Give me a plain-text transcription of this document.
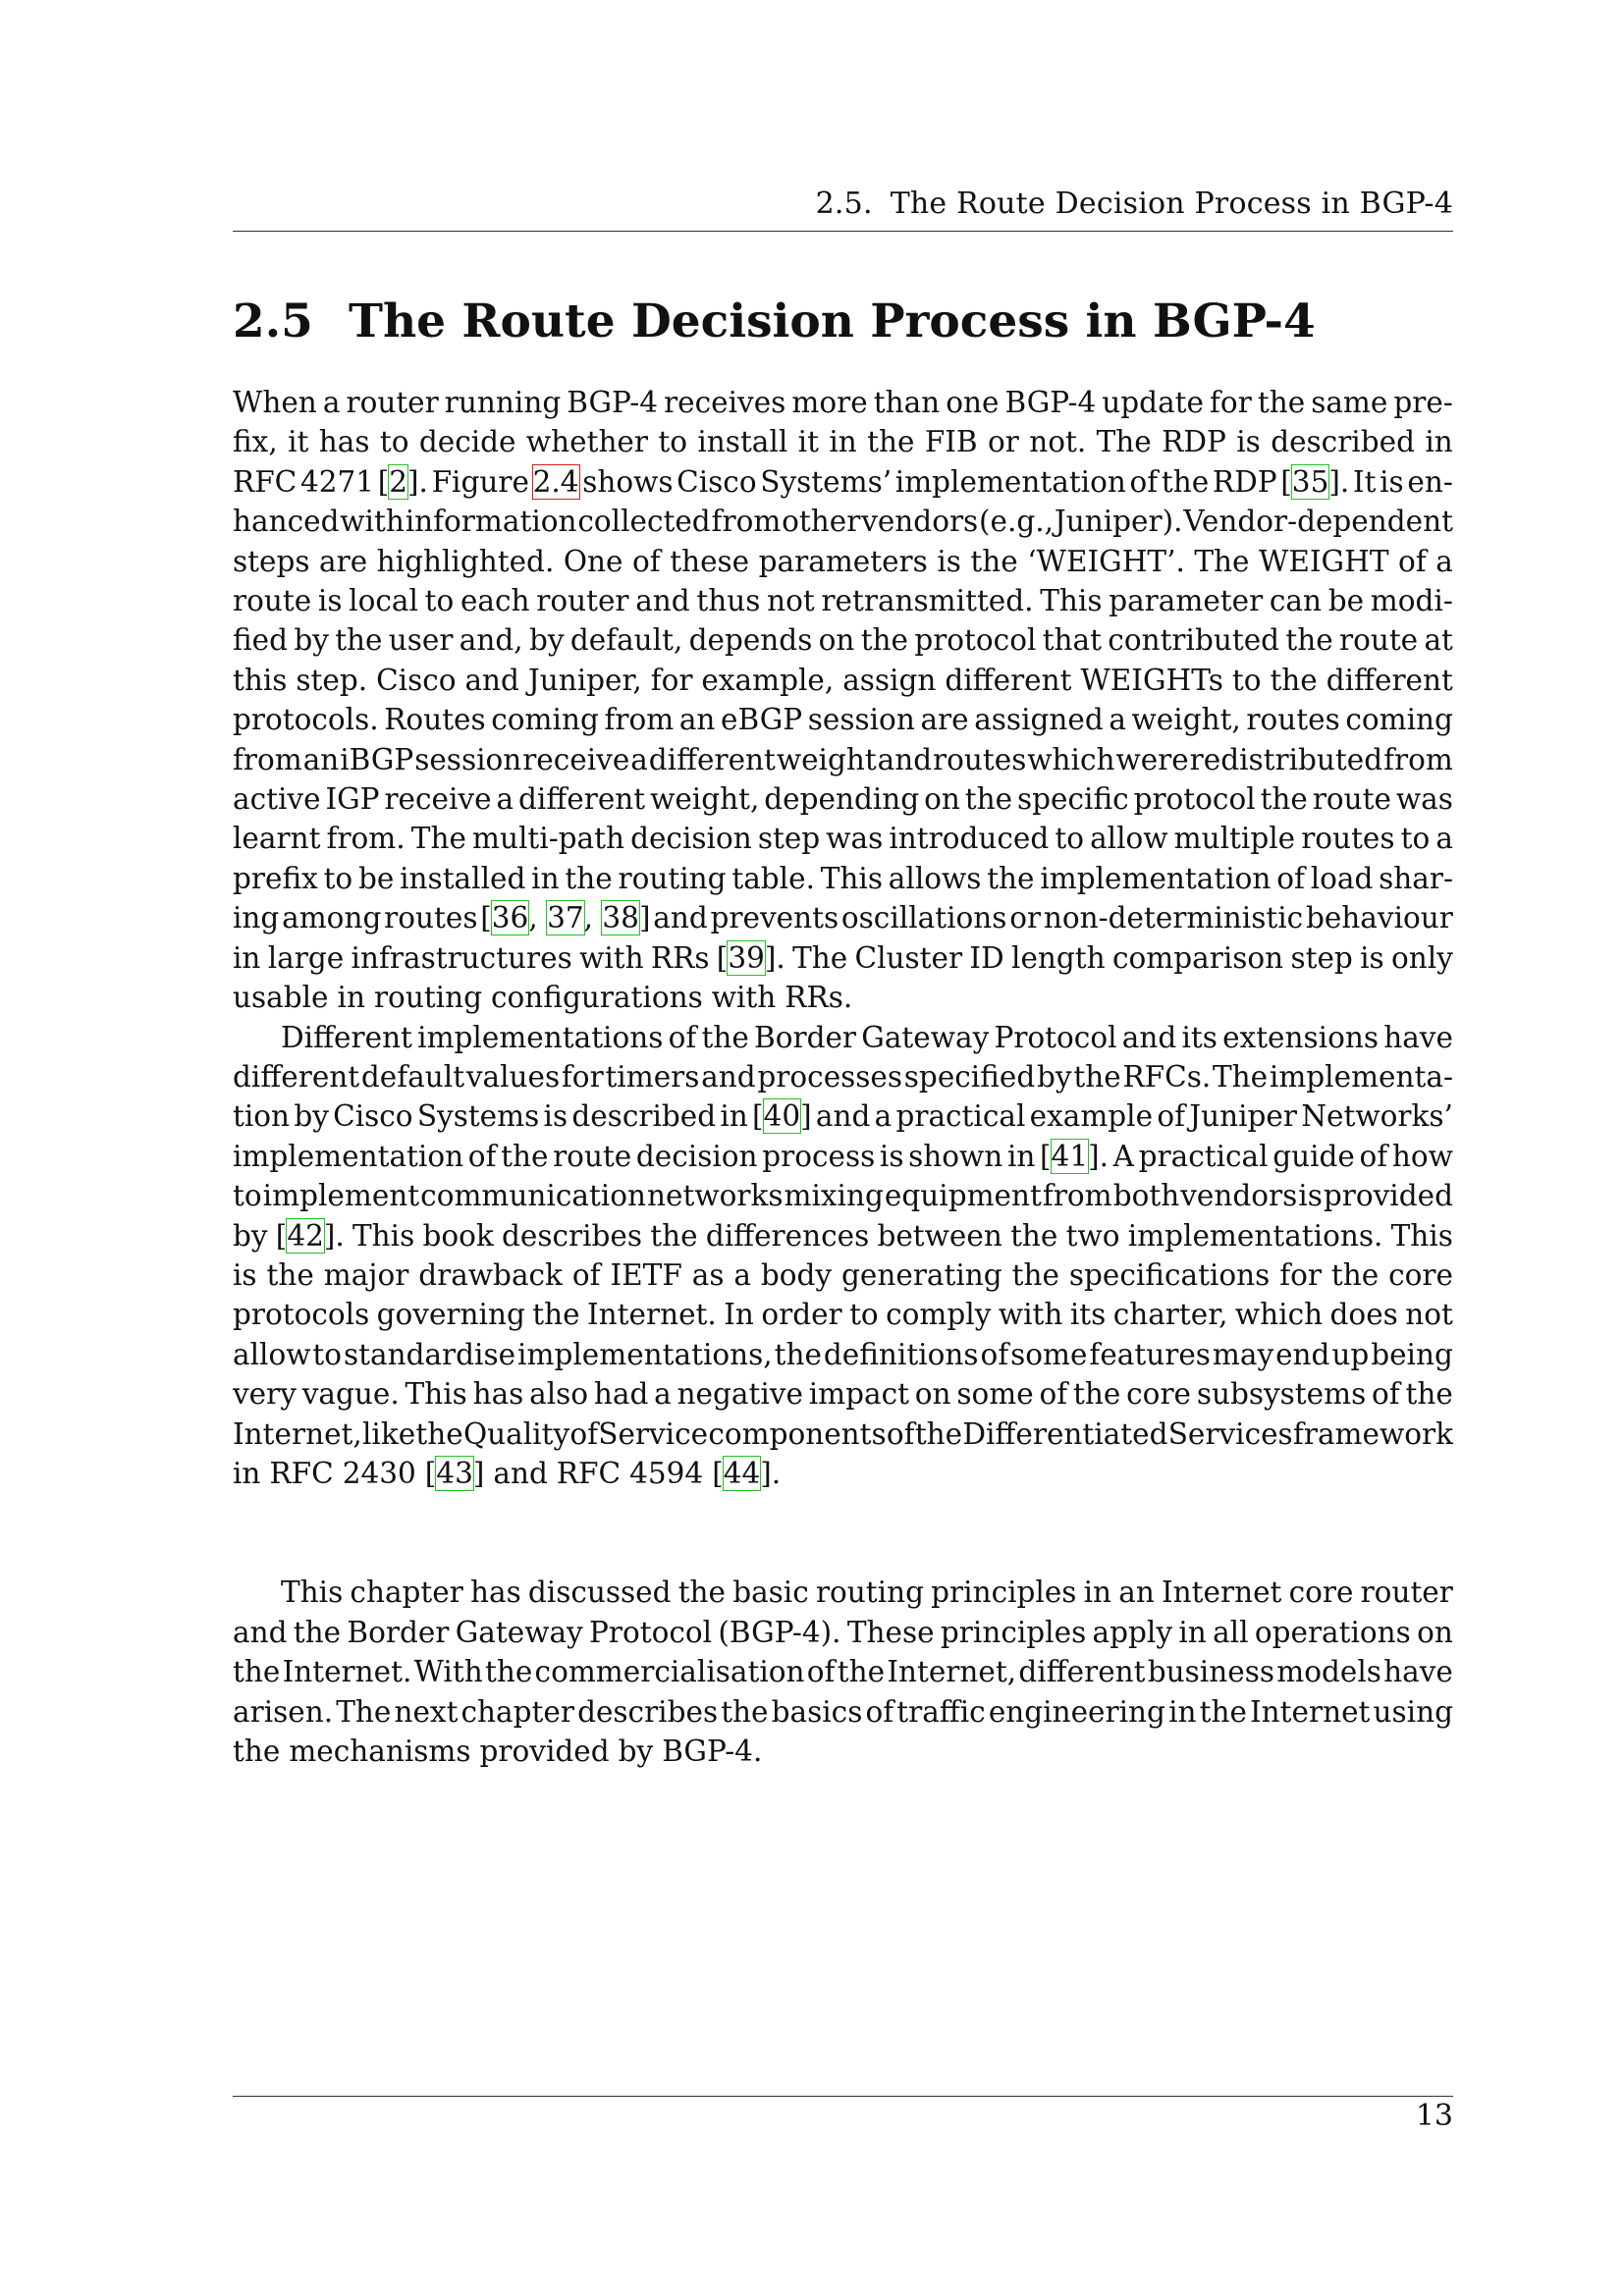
2.5. The Route Decision Process in BGP-4
2.5 The Route Decision Process in BGP-4
When a router running BGP-4 receives more than one BGP-4 update for the same pre-
fix, it has to decide whether to install it in the FIB or not. The RDP is described in
RFC 4271 [2]. Figure 2.4 shows Cisco Systems’ implementation of the RDP [35]. It is en-
hanced with information collected from other vendors (e.g., Juniper). Vendor-dependent
steps are highlighted. One of these parameters is the ‘WEIGHT’. The WEIGHT of a
route is local to each router and thus not retransmitted. This parameter can be modi-
fied by the user and, by default, depends on the protocol that contributed the route at
this step. Cisco and Juniper, for example, assign different WEIGHTs to the different
protocols. Routes coming from an eBGP session are assigned a weight, routes coming
from an iBGP session receive a different weight and routes which were redistributed from
active IGP receive a different weight, depending on the specific protocol the route was
learnt from. The multi-path decision step was introduced to allow multiple routes to a
prefix to be installed in the routing table. This allows the implementation of load shar-
ing among routes [36, 37, 38] and prevents oscillations or non-deterministic behaviour
in large infrastructures with RRs [39]. The Cluster ID length comparison step is only
usable in routing configurations with RRs.
Different implementations of the Border Gateway Protocol and its extensions have
different default values for timers and processes specified by the RFCs. The implementa-
tion by Cisco Systems is described in [40] and a practical example of Juniper Networks’
implementation of the route decision process is shown in [41]. A practical guide of how
to implement communication networks mixing equipment from both vendors is provided
by [42]. This book describes the differences between the two implementations. This
is the major drawback of IETF as a body generating the specifications for the core
protocols governing the Internet. In order to comply with its charter, which does not
allow to standardise implementations, the definitions of some features may end up being
very vague. This has also had a negative impact on some of the core subsystems of the
Internet, like the Quality of Service components of the Differentiated Services framework
in RFC 2430 [43] and RFC 4594 [44].
This chapter has discussed the basic routing principles in an Internet core router
and the Border Gateway Protocol (BGP-4). These principles apply in all operations on
the Internet. With the commercialisation of the Internet, different business models have
arisen. The next chapter describes the basics of traffic engineering in the Internet using
the mechanisms provided by BGP-4.
13
